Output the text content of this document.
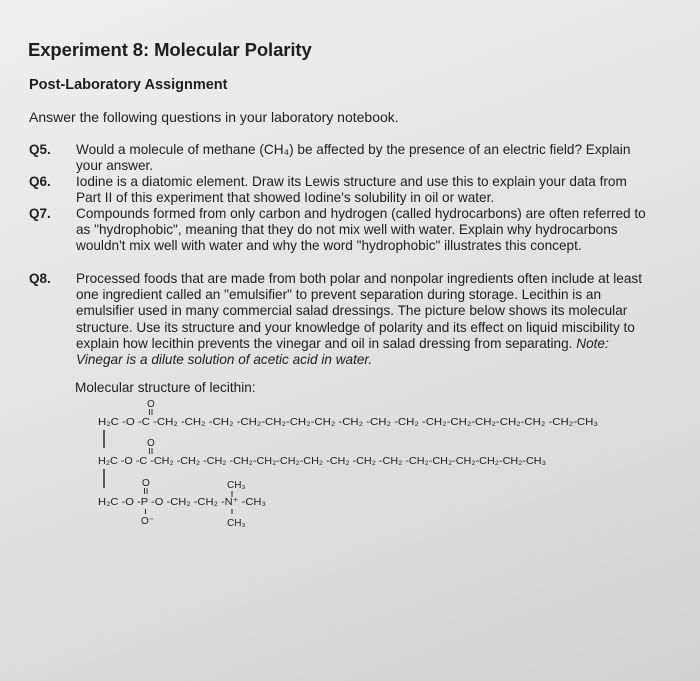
Experiment 8: Molecular Polarity
Post-Laboratory Assignment
Answer the following questions in your laboratory notebook.
Q5. Would a molecule of methane (CH₄) be affected by the presence of an electric field? Explain your answer.
Q6. Iodine is a diatomic element. Draw its Lewis structure and use this to explain your data from Part II of this experiment that showed Iodine's solubility in oil or water.
Q7. Compounds formed from only carbon and hydrogen (called hydrocarbons) are often referred to as "hydrophobic", meaning that they do not mix well with water. Explain why hydrocarbons wouldn't mix well with water and why the word "hydrophobic" illustrates this concept.
Q8. Processed foods that are made from both polar and nonpolar ingredients often include at least one ingredient called an "emulsifier" to prevent separation during storage. Lecithin is an emulsifier used in many commercial salad dressings. The picture below shows its molecular structure. Use its structure and your knowledge of polarity and its effect on liquid miscibility to explain how lecithin prevents the vinegar and oil in salad dressing from separating. Note: Vinegar is a dilute solution of acetic acid in water.
Molecular structure of lecithin:
O
H₂C -O -C -CH₂ -CH₂ -CH₂ -CH₂-CH₂-CH₂-CH₂ -CH₂ -CH₂ -CH₂ -CH₂-CH₂-CH₂-CH₂-CH₂ -CH₂-CH₃
O
H₂C -O -C -CH₂ -CH₂ -CH₂ -CH₂-CH₂-CH₂-CH₂ -CH₂ -CH₂ -CH₂ -CH₂-CH₂-CH₂-CH₂-CH₂-CH₃
O	CH₃
H₂C -O -P -O -CH₂ -CH₂ -N⁺ -CH₃
O⁻	CH₃
